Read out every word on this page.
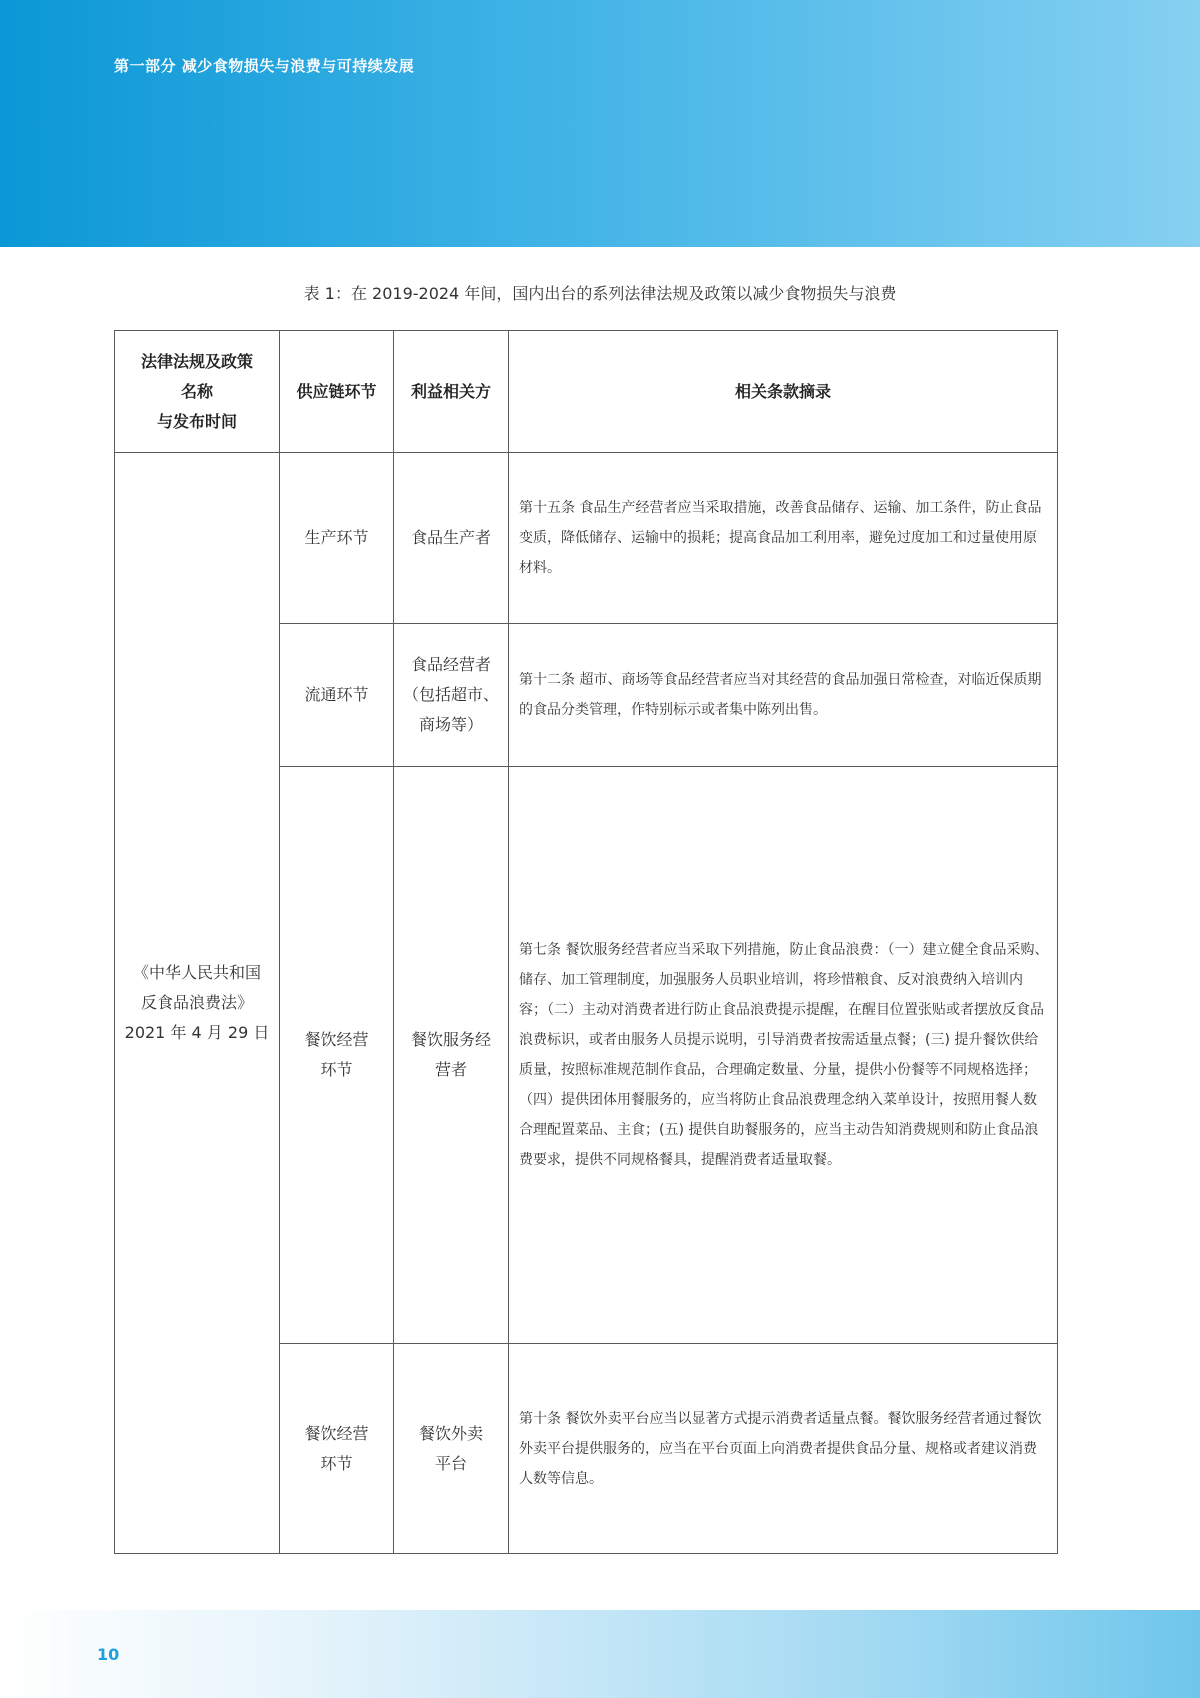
第一部分 减少食物损失与浪费与可持续发展
表 1：在 2019-2024 年间，国内出台的系列法律法规及政策以减少食物损失与浪费
法律法规及政策
名称
与发布时间	供应链环节	利益相关方	相关条款摘录

《中华人民共和国
反食品浪费法》
2021 年 4 月 29 日	生产环节	食品生产者	第十五条 食品生产经营者应当采取措施，改善食品储存、运输、加工条件，防止食品变质，降低储存、运输中的损耗；提高食品加工利用率，避免过度加工和过量使用原材料。
	流通环节	食品经营者（包括超市、商场等）	第十二条 超市、商场等食品经营者应当对其经营的食品加强日常检查，对临近保质期的食品分类管理，作特别标示或者集中陈列出售。
	餐饮经营环节	餐饮服务经营者	第七条 餐饮服务经营者应当采取下列措施，防止食品浪费：（一）建立健全食品采购、储存、加工管理制度，加强服务人员职业培训，将珍惜粮食、反对浪费纳入培训内容；（二）主动对消费者进行防止食品浪费提示提醒，在醒目位置张贴或者摆放反食品浪费标识，或者由服务人员提示说明，引导消费者按需适量点餐；(三) 提升餐饮供给质量，按照标准规范制作食品，合理确定数量、分量，提供小份餐等不同规格选择；（四）提供团体用餐服务的，应当将防止食品浪费理念纳入菜单设计，按照用餐人数合理配置菜品、主食；(五) 提供自助餐服务的，应当主动告知消费规则和防止食品浪费要求，提供不同规格餐具，提醒消费者适量取餐。
	餐饮经营环节	餐饮外卖平台	第十条 餐饮外卖平台应当以显著方式提示消费者适量点餐。餐饮服务经营者通过餐饮外卖平台提供服务的，应当在平台页面上向消费者提供食品分量、规格或者建议消费人数等信息。
10
